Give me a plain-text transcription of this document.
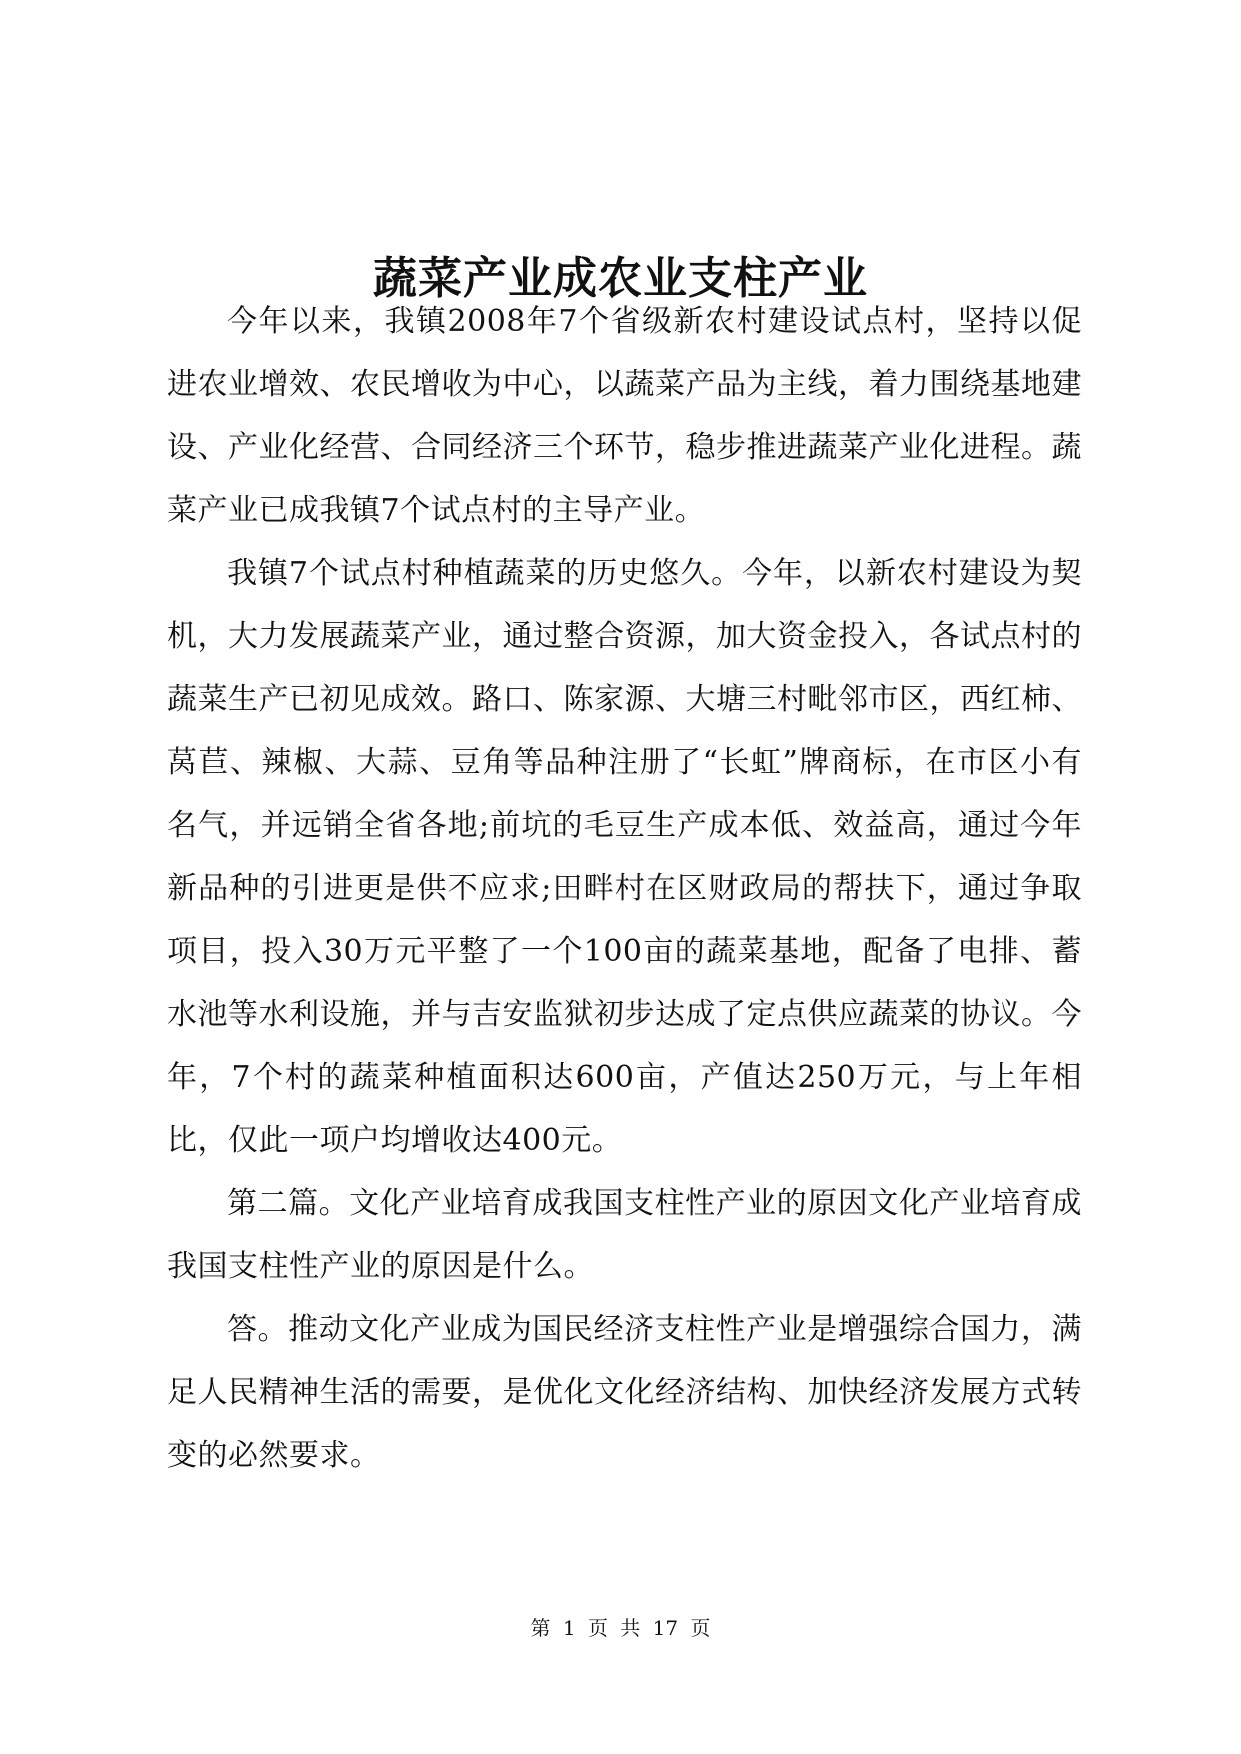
蔬菜产业成农业支柱产业

今年以来，我镇2008年7个省级新农村建设试点村，坚持以促进农业增效、农民增收为中心，以蔬菜产品为主线，着力围绕基地建设、产业化经营、合同经济三个环节，稳步推进蔬菜产业化进程。蔬菜产业已成我镇7个试点村的主导产业。

我镇7个试点村种植蔬菜的历史悠久。今年，以新农村建设为契机，大力发展蔬菜产业，通过整合资源，加大资金投入，各试点村的蔬菜生产已初见成效。路口、陈家源、大塘三村毗邻市区，西红柿、莴苣、辣椒、大蒜、豆角等品种注册了“长虹”牌商标，在市区小有名气，并远销全省各地;前坑的毛豆生产成本低、效益高，通过今年新品种的引进更是供不应求;田畔村在区财政局的帮扶下，通过争取项目，投入30万元平整了一个100亩的蔬菜基地，配备了电排、蓄水池等水利设施，并与吉安监狱初步达成了定点供应蔬菜的协议。今年，7个村的蔬菜种植面积达600亩，产值达250万元，与上年相比，仅此一项户均增收达400元。

第二篇。文化产业培育成我国支柱性产业的原因文化产业培育成我国支柱性产业的原因是什么。

答。推动文化产业成为国民经济支柱性产业是增强综合国力，满足人民精神生活的需要，是优化文化经济结构、加快经济发展方式转变的必然要求。

第 1 页 共 17 页
